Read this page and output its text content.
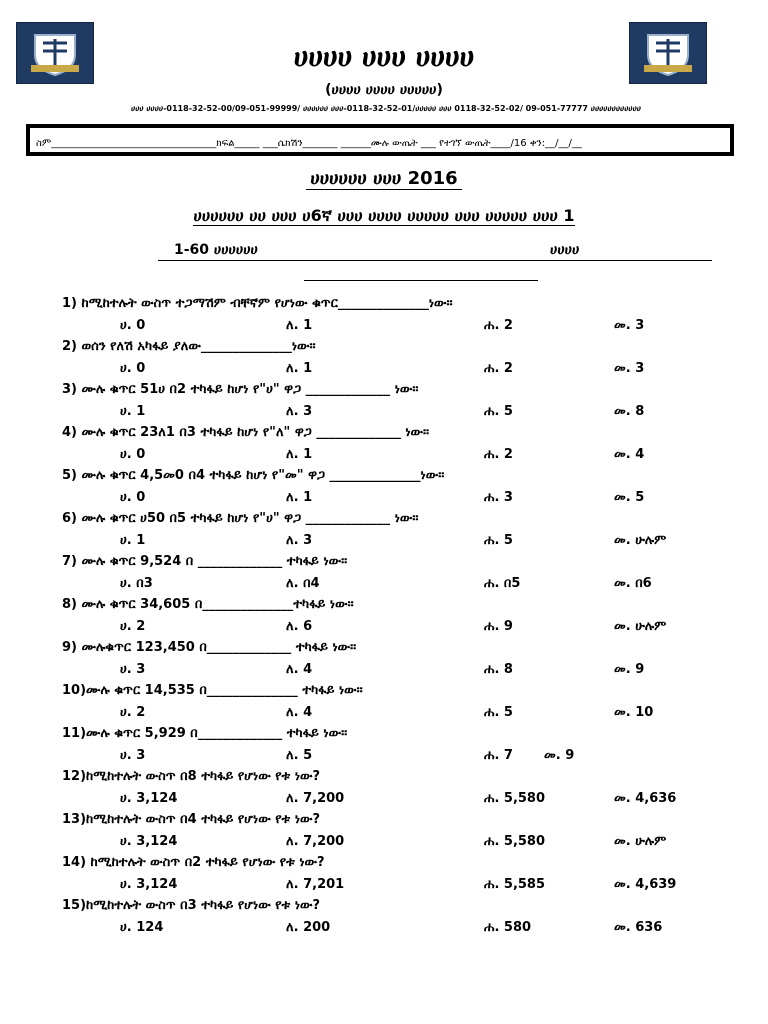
ሀሀሀሀ ሀሀሀ ሀሀሀሀ
(ሀሀሀሀ ሀሀሀሀ ሀሀሀሀሀ)
ሀሀሀ ሀሀሀሀ-0118-32-52-00/09-051-99999/ ሀሀሀሀሀሀ ሀሀሀ-0118-32-52-01/ሀሀሀሀሀ ሀሀሀ 0118-32-52-02/ 09-051-77777 ሀሀሀሀሀሀሀሀሀሀሀሀ
ስም_________________________________ክፍል_____ ___ሴክሽን_______ ______ሙሉ ውጤት ___ የተገኘ ውጤት____/16 ቀን:__/__/__
ሀሀሀሀሀሀ ሀሀሀ 2016
ሀሀሀሀሀሀ ሀሀ ሀሀሀ ሀ6ኛ ሀሀሀ ሀሀሀሀ ሀሀሀሀሀ ሀሀሀ ሀሀሀሀሀ ሀሀሀ 1
1-60 ሀሀሀሀሀሀ	ሀሀሀሀ
1) ከሚከተሉት ውስጥ ተጋማሽም ብቸኛም የሆነው ቁጥር______________ነው።
ሀ. 0	ለ. 1	ሐ. 2	መ. 3
2) ወሰን የለሽ አካፋይ ያለው______________ነው።
ሀ. 0	ለ. 1	ሐ. 2	መ. 3
3) ሙሉ ቁጥር 51ሀ በ2 ተካፋይ ከሆነ የ"ሀ" ዋጋ _____________ ነው።
ሀ. 1	ለ. 3	ሐ. 5	መ. 8
4) ሙሉ ቁጥር 23ለ1 በ3 ተካፋይ ከሆነ የ"ለ" ዋጋ _____________ ነው።
ሀ. 0	ለ. 1	ሐ. 2	መ. 4
5) ሙሉ ቁጥር 4,5መ0 በ4 ተካፋይ ከሆነ የ"መ" ዋጋ ______________ነው።
ሀ. 0	ለ. 1	ሐ. 3	መ. 5
6) ሙሉ ቁጥር ሀ50 በ5 ተካፋይ ከሆነ የ"ሀ" ዋጋ _____________ ነው።
ሀ. 1	ለ. 3	ሐ. 5	መ. ሁሉም
7) ሙሉ ቁጥር 9,524 በ _____________ ተካፋይ ነው።
ሀ. በ3	ለ. በ4	ሐ. በ5	መ. በ6
8) ሙሉ ቁጥር 34,605 በ______________ተካፋይ ነው።
ሀ. 2	ለ. 6	ሐ. 9	መ. ሁሉም
9) ሙሉቁጥር 123,450 በ_____________ ተካፋይ ነው።
ሀ. 3	ለ. 4	ሐ. 8	መ. 9
10)ሙሉ ቁጥር 14,535 በ______________ ተካፋይ ነው።
ሀ. 2	ለ. 4	ሐ. 5	መ. 10
11)ሙሉ ቁጥር 5,929 በ_____________ ተካፋይ ነው።
ሀ. 3	ለ. 5	ሐ. 7 መ. 9
12)ከሚከተሉት ውስጥ በ8 ተካፋይ የሆነው የቱ ነው?
ሀ. 3,124	ለ. 7,200	ሐ. 5,580	መ. 4,636
13)ከሚከተሉት ውስጥ በ4 ተካፋይ የሆነው የቱ ነው?
ሀ. 3,124	ለ. 7,200	ሐ. 5,580	መ. ሁሉም
14) ከሚከተሉት ውስጥ በ2 ተካፋይ የሆነው የቱ ነው?
ሀ. 3,124	ለ. 7,201	ሐ. 5,585	መ. 4,639
15)ከሚከተሉት ውስጥ በ3 ተካፋይ የሆነው የቱ ነው?
ሀ. 124	ለ. 200	ሐ. 580	መ. 636
